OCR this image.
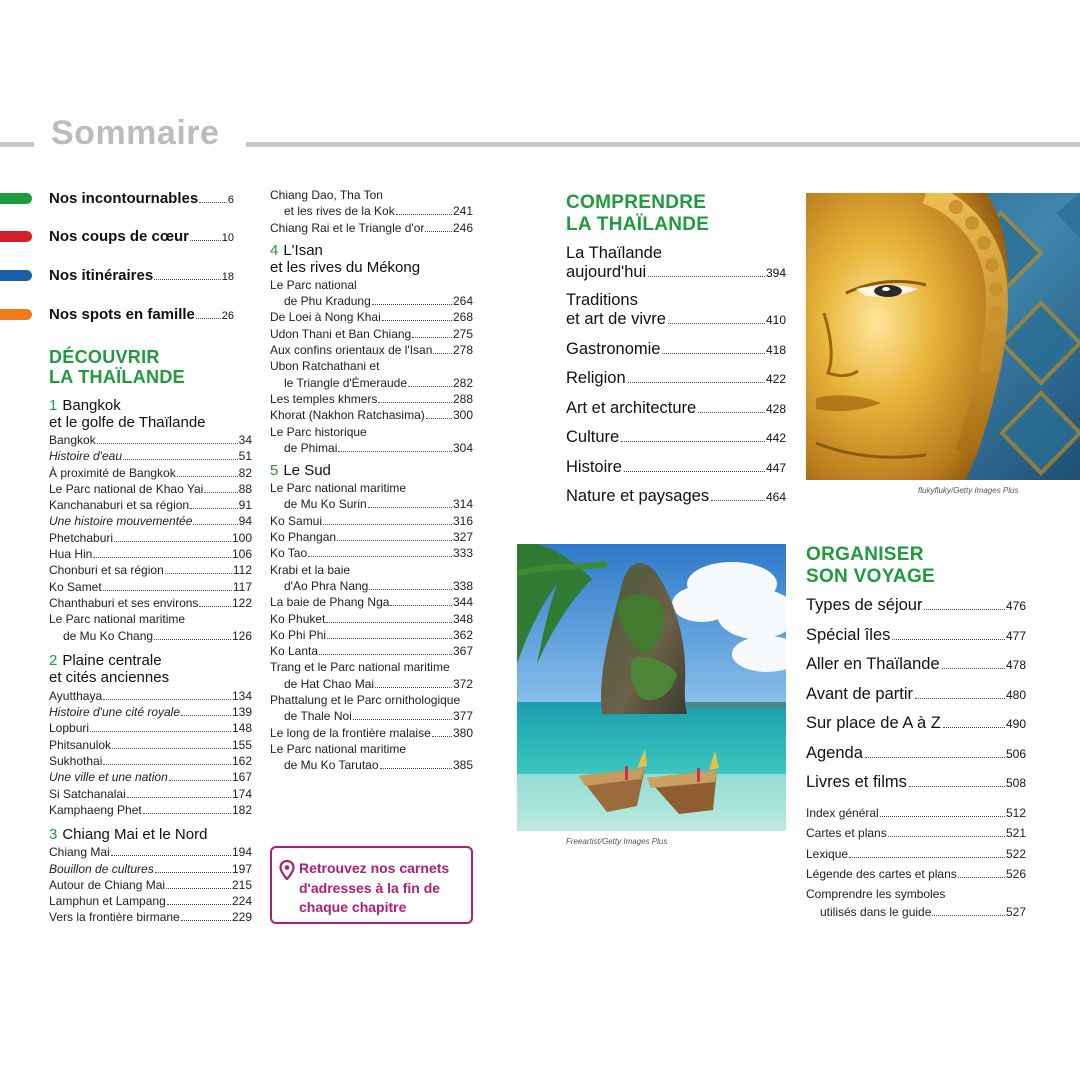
Sommaire
Nos incontournables	6
Nos coups de cœur	10
Nos itinéraires	18
Nos spots en famille 26
DÉCOUVRIR
LA THAÏLANDE
1 Bangkok
et le golfe de Thaïlande
Bangkok	34
Histoire d'eau	51
À proximité de Bangkok	82
Le Parc national de Khao Yai	88
Kanchanaburi et sa région	91
Une histoire mouvementée	94
Phetchaburi	100
Hua Hin	106
Chonburi et sa région	112
Ko Samet	117
Chanthaburi et ses environs	122
Le Parc national maritime
de Mu Ko Chang	126
2 Plaine centrale
et cités anciennes
Ayutthaya	134
Histoire d'une cité royale	139
Lopburi	148
Phitsanulok	155
Sukhothai	162
Une ville et une nation	167
Si Satchanalai	174
Kamphaeng Phet	182
3 Chiang Mai et le Nord
Chiang Mai	194
Bouillon de cultures	197
Autour de Chiang Mai	215
Lamphun et Lampang	224
Vers la frontière birmane	229
Chiang Dao, Tha Ton
et les rives de la Kok	241
Chiang Rai et le Triangle d'or 246
4 L'Isan
et les rives du Mékong
Le Parc national
de Phu Kradung	264
De Loei à Nong Khai	268
Udon Thani et Ban Chiang	275
Aux confins orientaux de l'Isan 278
Ubon Ratchathani et
le Triangle d'Émeraude	282
Les temples khmers	288
Khorat (Nakhon Ratchasima) 300
Le Parc historique
de Phimai	304
5 Le Sud
Le Parc national maritime
de Mu Ko Surin	314
Ko Samui	316
Ko Phangan	327
Ko Tao	333
Krabi et la baie
d'Ao Phra Nang	338
La baie de Phang Nga	344
Ko Phuket	348
Ko Phi Phi	362
Ko Lanta	367
Trang et le Parc national maritime
de Hat Chao Mai	372
Phattalung et le Parc ornithologique
de Thale Noi	377
Le long de la frontière malaise 380
Le Parc national maritime
de Mu Ko Tarutao	385
Retrouvez nos carnets
d'adresses à la fin de
chaque chapitre
COMPRENDRE
LA THAÏLANDE
La Thaïlande
aujourd'hui	394
Traditions
et art de vivre	410
Gastronomie	418
Religion	422
Art et architecture	428
Culture	442
Histoire	447
Nature et paysages	464	flukyfluky/Getty Images Plus
Freeartist/Getty Images Plus
ORGANISER
SON VOYAGE
Types de séjour	476
Spécial îles	477
Aller en Thaïlande	478
Avant de partir	480
Sur place de A à Z	490
Agenda	506
Livres et films	508
Index général	512
Cartes et plans	521
Lexique	522
Légende des cartes et plans	526
Comprendre les symboles
utilisés dans le guide	527
